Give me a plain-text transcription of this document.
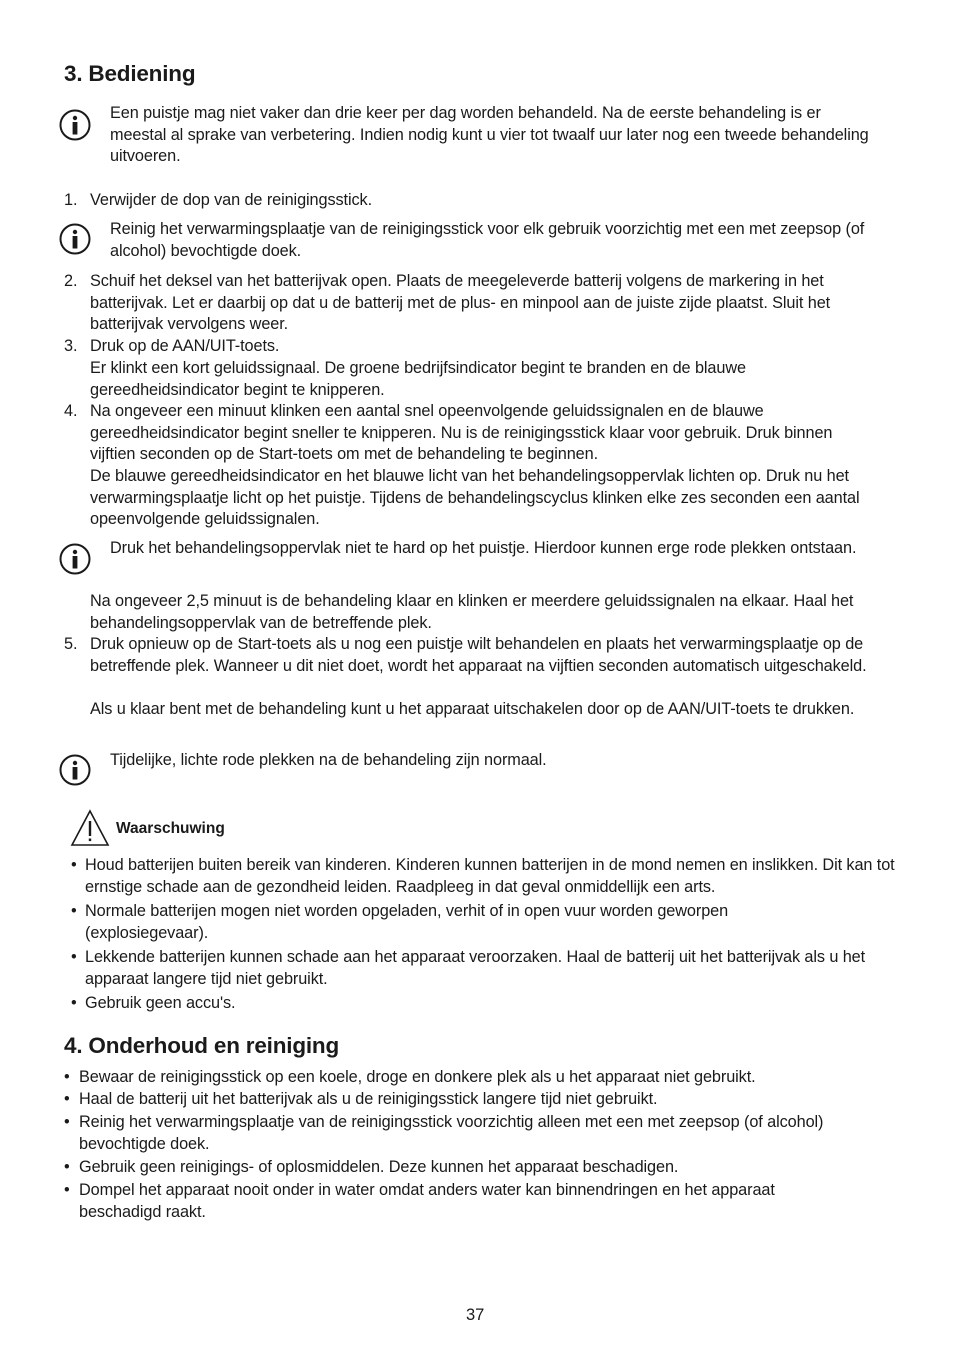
3. Bediening
Een puistje mag niet vaker dan drie keer per dag worden behandeld. Na de eerste behandeling is er meestal al sprake van verbetering. Indien nodig kunt u vier tot twaalf uur later nog een tweede behandeling uitvoeren.
1. Verwijder de dop van de reinigingsstick.
Reinig het verwarmingsplaatje van de reinigingsstick voor elk gebruik voorzichtig met een met zeepsop (of alcohol) bevochtigde doek.
2. Schuif het deksel van het batterijvak open. Plaats de meegeleverde batterij volgens de markering in het batterijvak. Let er daarbij op dat u de batterij met de plus- en minpool aan de juiste zijde plaatst. Sluit het batterijvak vervolgens weer.
3. Druk op de AAN/UIT-toets.
Er klinkt een kort geluidssignaal. De groene bedrijfsindicator begint te branden en de blauwe gereedheidsindicator begint te knipperen.
4. Na ongeveer een minuut klinken een aantal snel opeenvolgende geluidssignalen en de blauwe gereedheidsindicator begint sneller te knipperen. Nu is de reinigingsstick klaar voor gebruik. Druk binnen vijftien seconden op de Start-toets om met de behandeling te beginnen.
De blauwe gereedheidsindicator en het blauwe licht van het behandelingsoppervlak lichten op. Druk nu het verwarmingsplaatje licht op het puistje. Tijdens de behandelingscyclus klinken elke zes seconden een aantal opeenvolgende geluidssignalen.
Druk het behandelingsoppervlak niet te hard op het puistje. Hierdoor kunnen erge rode plekken ontstaan.
Na ongeveer 2,5 minuut is de behandeling klaar en klinken er meerdere geluidssignalen na elkaar. Haal het behandelingsoppervlak van de betreffende plek.
5. Druk opnieuw op de Start-toets als u nog een puistje wilt behandelen en plaats het verwarmingsplaatje op de betreffende plek. Wanneer u dit niet doet, wordt het apparaat na vijftien seconden automatisch uitgeschakeld.
Als u klaar bent met de behandeling kunt u het apparaat uitschakelen door op de AAN/UIT-toets te drukken.
Tijdelijke, lichte rode plekken na de behandeling zijn normaal.
Waarschuwing
• Houd batterijen buiten bereik van kinderen. Kinderen kunnen batterijen in de mond nemen en inslikken. Dit kan tot ernstige schade aan de gezondheid leiden. Raadpleeg in dat geval onmiddellijk een arts.
• Normale batterijen mogen niet worden opgeladen, verhit of in open vuur worden geworpen (explosiegevaar).
• Lekkende batterijen kunnen schade aan het apparaat veroorzaken. Haal de batterij uit het batterijvak als u het apparaat langere tijd niet gebruikt.
• Gebruik geen accu's.
4. Onderhoud en reiniging
• Bewaar de reinigingsstick op een koele, droge en donkere plek als u het apparaat niet gebruikt.
• Haal de batterij uit het batterijvak als u de reinigingsstick langere tijd niet gebruikt.
• Reinig het verwarmingsplaatje van de reinigingsstick voorzichtig alleen met een met zeepsop (of alcohol) bevochtigde doek.
• Gebruik geen reinigings- of oplosmiddelen. Deze kunnen het apparaat beschadigen.
• Dompel het apparaat nooit onder in water omdat anders water kan binnendringen en het apparaat beschadigd raakt.
37
